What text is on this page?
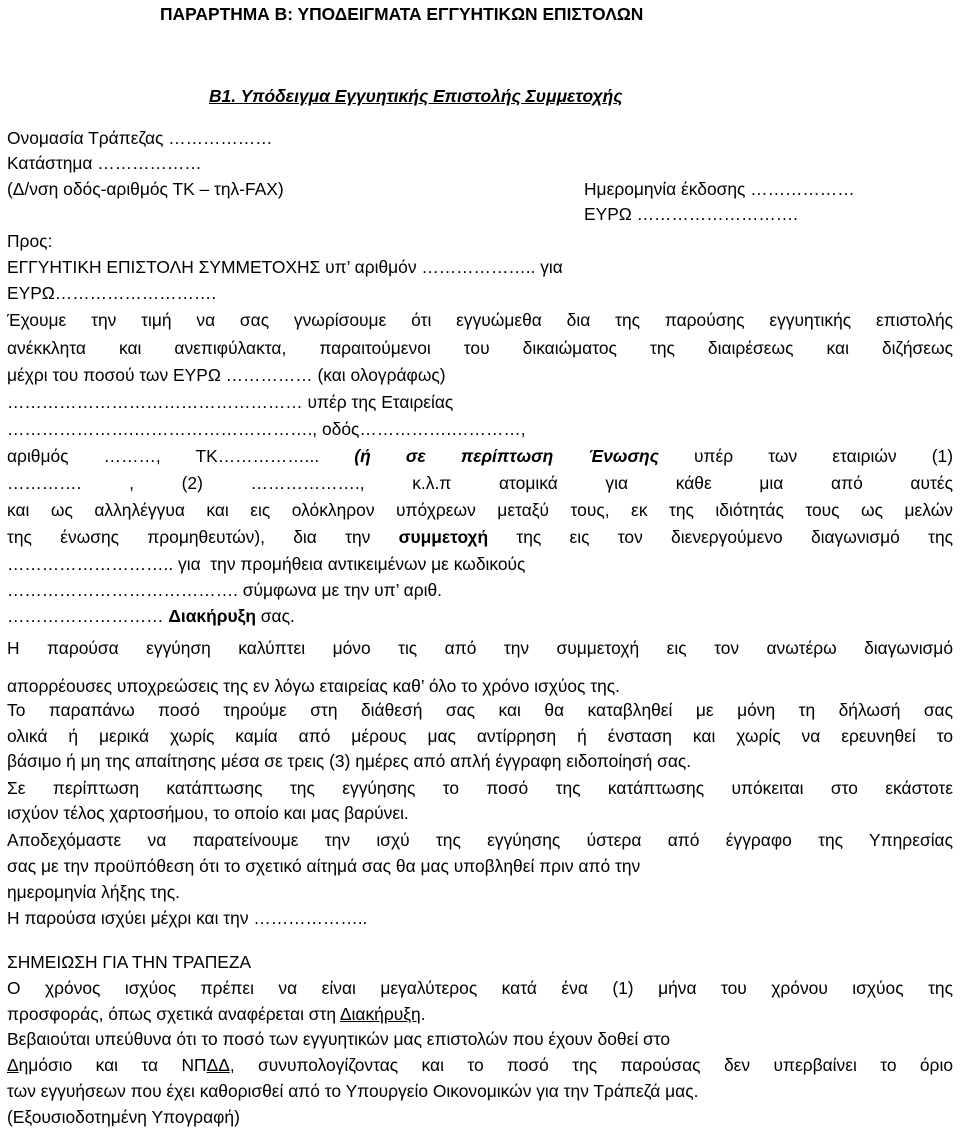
ΠΑΡΑΡΤΗΜΑ Β: ΥΠΟΔΕΙΓΜΑΤΑ ΕΓΓΥΗΤΙΚΩΝ ΕΠΙΣΤΟΛΩΝ
Β1. Υπόδειγμα Εγγυητικής Επιστολής Συμμετοχής
Ονομασία Τράπεζας ………………
Κατάστημα ………………
(Δ/νση οδός-αριθμός ΤΚ – τηλ-FAX)	Ημερομηνία έκδοσης ………………
ΕΥΡΩ ……………………….
Προς:
ΕΓΓΥΗΤΙΚΗ ΕΠΙΣΤΟΛΗ ΣΥΜΜΕΤΟΧΗΣ υπ’ αριθμόν ……………….. για
ΕΥΡΩ……………………….
Έχουμε την τιμή να σας γνωρίσουμε ότι εγγυώμεθα δια της παρούσης εγγυητικής επιστολής
ανέκκλητα και ανεπιφύλακτα, παραιτούμενοι του δικαιώματος της διαιρέσεως και διζήσεως
μέχρι του ποσού των ΕΥΡΩ …………… (και ολογράφως)
…………………………………………… υπέρ της Εταιρείας
………………….…………………………., οδός…………….…………,
αριθμός ………, ΤΚ……………... (ή σε περίπτωση Ένωσης υπέρ των εταιριών (1)
…………. , (2) ………………., κ.λ.π ατομικά για κάθε μια από αυτές
και ως αλληλέγγυα και εις ολόκληρον υπόχρεων μεταξύ τους, εκ της ιδιότητάς τους ως μελών
της ένωσης προμηθευτών), δια την συμμετοχή της εις τον διενεργούμενο διαγωνισμό της
……………………….. για  την προμήθεια αντικειμένων με κωδικούς
…………………………………. σύμφωνα με την υπ’ αριθ.
……………………… Διακήρυξη σας.
Η παρούσα εγγύηση καλύπτει μόνο τις από την συμμετοχή εις τον ανωτέρω διαγωνισμό
απορρέουσες υποχρεώσεις της εν λόγω εταιρείας καθ’ όλο το χρόνο ισχύος της.
Το παραπάνω ποσό τηρούμε στη διάθεσή σας και θα καταβληθεί με μόνη τη δήλωσή σας
ολικά ή μερικά χωρίς καμία από μέρους μας αντίρρηση ή ένσταση και χωρίς να ερευνηθεί το
βάσιμο ή μη της απαίτησης μέσα σε τρεις (3) ημέρες από απλή έγγραφη ειδοποίησή σας.
Σε περίπτωση κατάπτωσης της εγγύησης το ποσό της κατάπτωσης υπόκειται στο εκάστοτε
ισχύον τέλος χαρτοσήμου, το οποίο και μας βαρύνει.
Αποδεχόμαστε να παρατείνουμε την ισχύ της εγγύησης ύστερα από έγγραφο της Υπηρεσίας
σας με την προϋπόθεση ότι το σχετικό αίτημά σας θα μας υποβληθεί πριν από την
ημερομηνία λήξης της.
Η παρούσα ισχύει μέχρι και την ………………..
ΣΗΜΕΙΩΣΗ ΓΙΑ ΤΗΝ ΤΡΑΠΕΖΑ
Ο χρόνος ισχύος πρέπει να είναι μεγαλύτερος κατά ένα (1) μήνα του χρόνου ισχύος της
προσφοράς, όπως σχετικά αναφέρεται στη Διακήρυξη.
Βεβαιούται υπεύθυνα ότι το ποσό των εγγυητικών μας επιστολών που έχουν δοθεί στο
Δημόσιο και τα ΝΠΔΔ, συνυπολογίζοντας και το ποσό της παρούσας δεν υπερβαίνει το όριο
των εγγυήσεων που έχει καθορισθεί από το Υπουργείο Οικονομικών για την Τράπεζά μας.
(Εξουσιοδοτημένη Υπογραφή)
